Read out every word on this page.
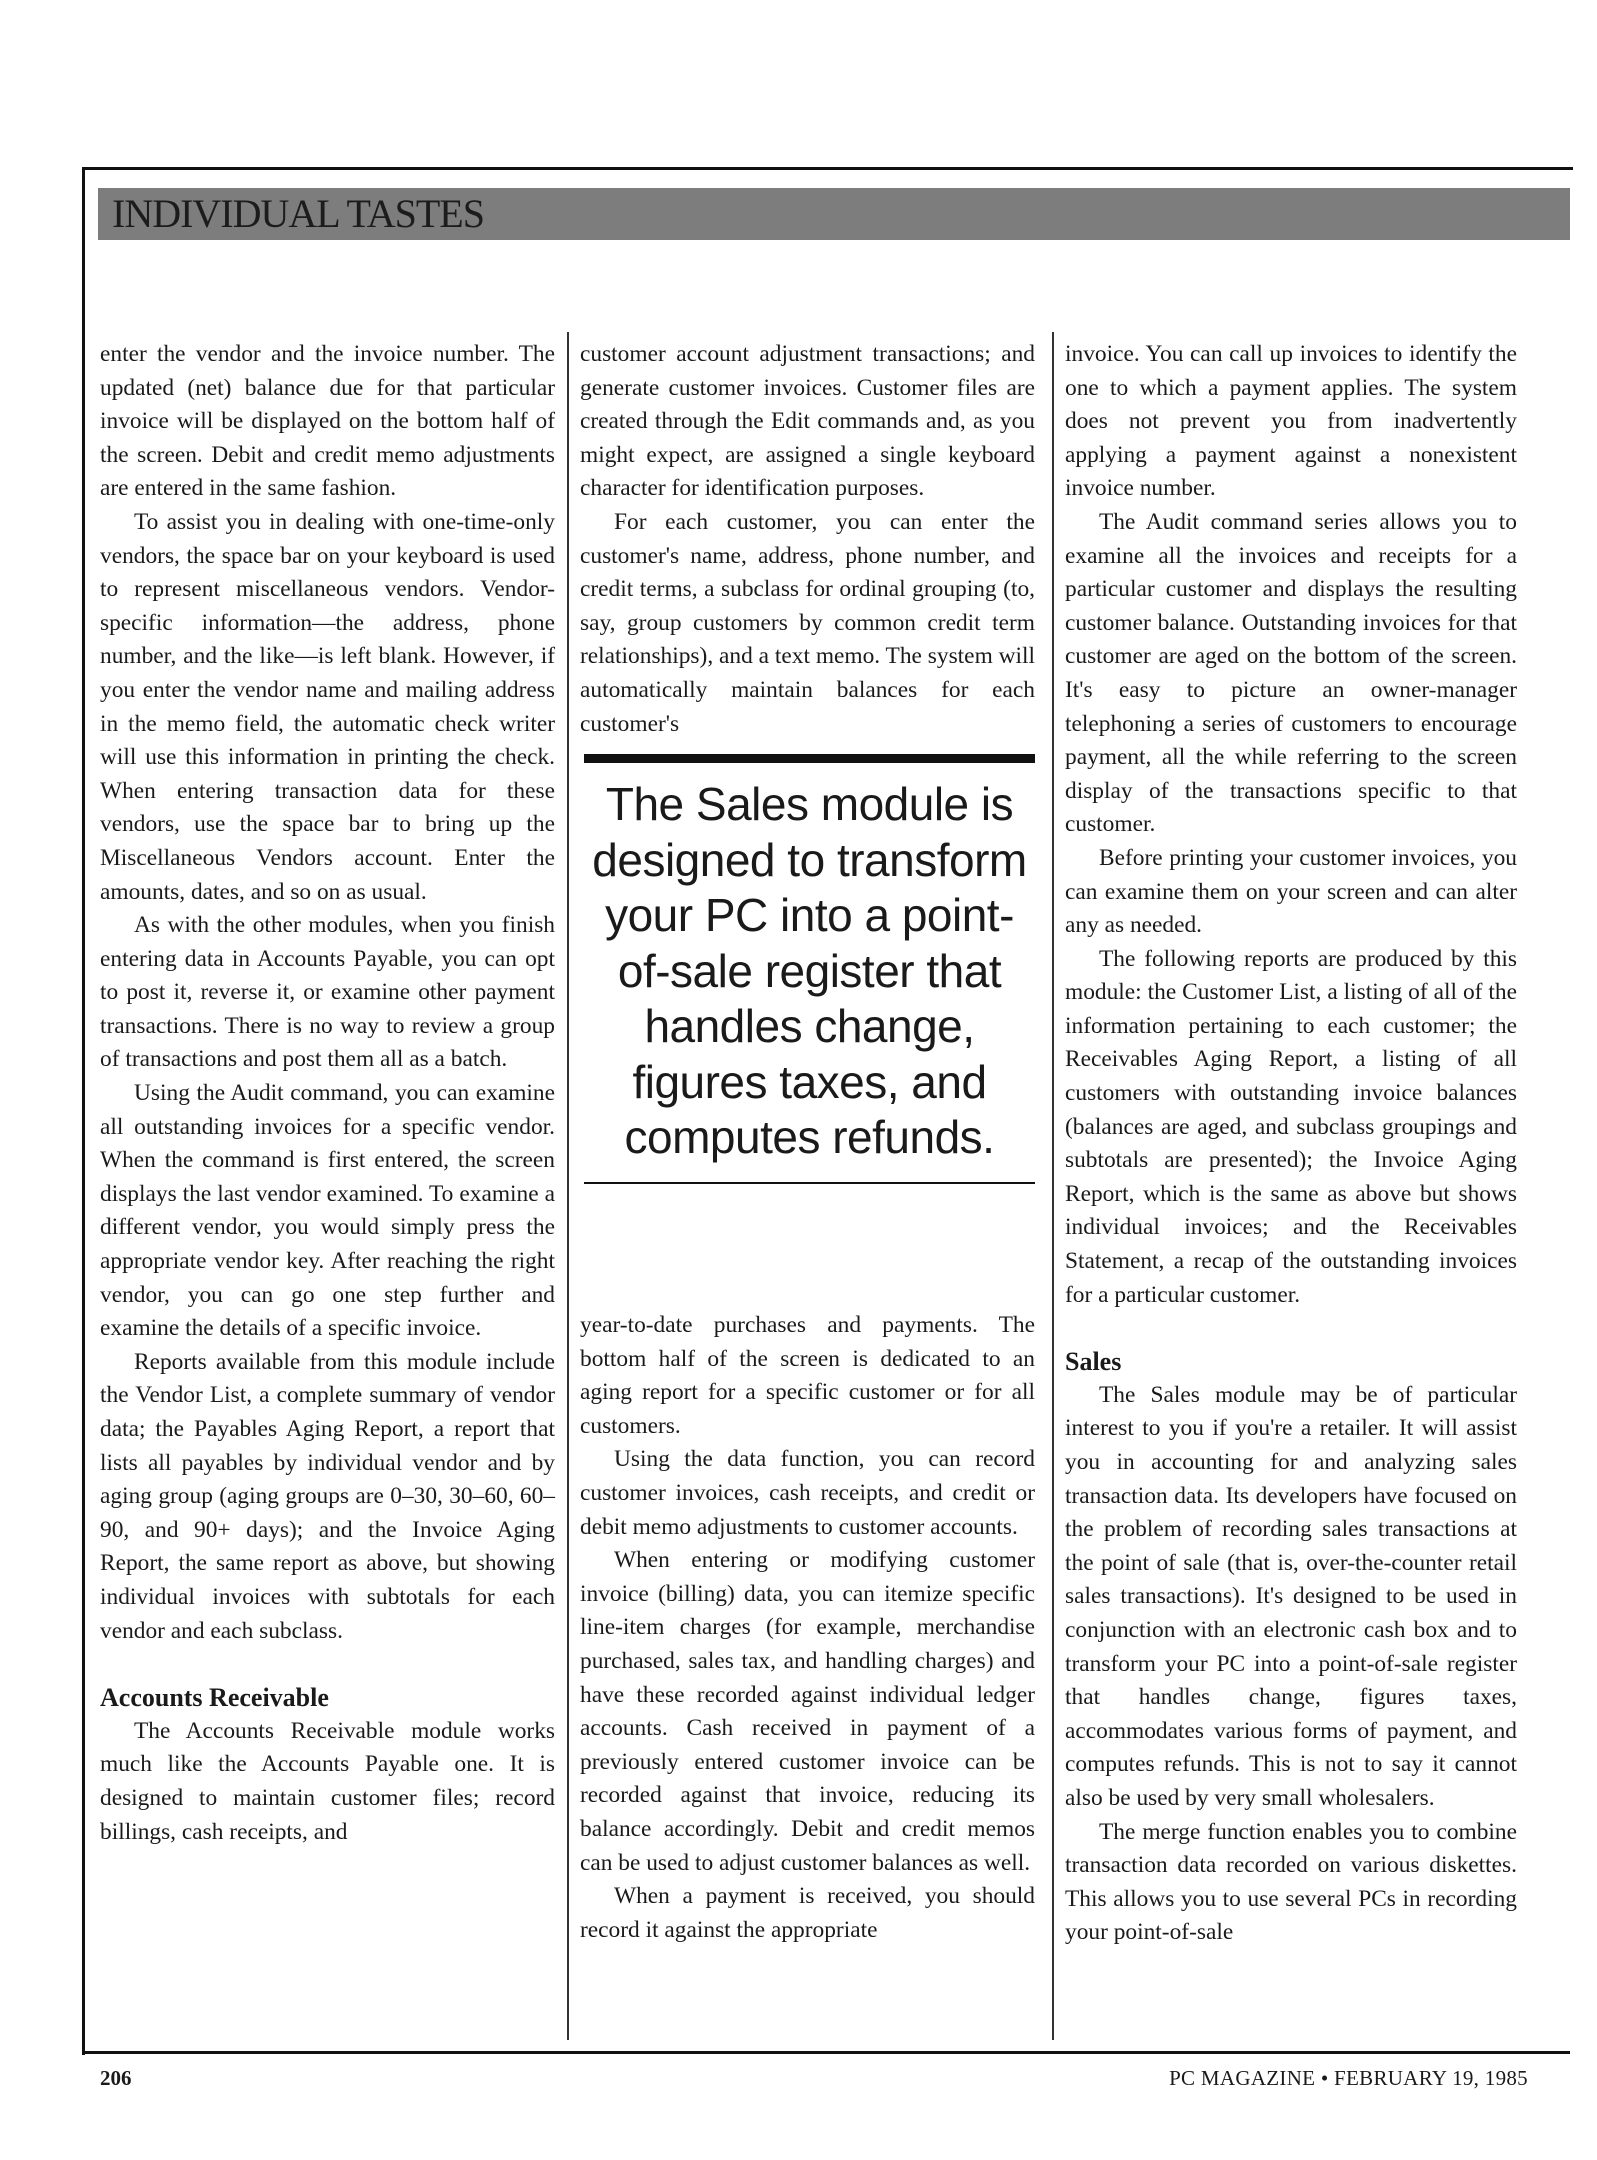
INDIVIDUAL TASTES

enter the vendor and the invoice number. The updated (net) balance due for that particular invoice will be displayed on the bottom half of the screen. Debit and credit memo adjustments are entered in the same fashion.

To assist you in dealing with one-time-only vendors, the space bar on your keyboard is used to represent miscellaneous vendors. Vendor-specific information—the address, phone number, and the like—is left blank. However, if you enter the vendor name and mailing address in the memo field, the automatic check writer will use this information in printing the check. When entering transaction data for these vendors, use the space bar to bring up the Miscellaneous Vendors account. Enter the amounts, dates, and so on as usual.

As with the other modules, when you finish entering data in Accounts Payable, you can opt to post it, reverse it, or examine other payment transactions. There is no way to review a group of transactions and post them all as a batch.

Using the Audit command, you can examine all outstanding invoices for a specific vendor. When the command is first entered, the screen displays the last vendor examined. To examine a different vendor, you would simply press the appropriate vendor key. After reaching the right vendor, you can go one step further and examine the details of a specific invoice.

Reports available from this module include the Vendor List, a complete summary of vendor data; the Payables Aging Report, a report that lists all payables by individual vendor and by aging group (aging groups are 0–30, 30–60, 60–90, and 90+ days); and the Invoice Aging Report, the same report as above, but showing individual invoices with subtotals for each vendor and each subclass.

Accounts Receivable

The Accounts Receivable module works much like the Accounts Payable one. It is designed to maintain customer files; record billings, cash receipts, and

customer account adjustment transactions; and generate customer invoices. Customer files are created through the Edit commands and, as you might expect, are assigned a single keyboard character for identification purposes.

For each customer, you can enter the customer's name, address, phone number, and credit terms, a subclass for ordinal grouping (to, say, group customers by common credit term relationships), and a text memo. The system will automatically maintain balances for each customer's

The Sales module is designed to transform your PC into a point-of-sale register that handles change, figures taxes, and computes refunds.

year-to-date purchases and payments. The bottom half of the screen is dedicated to an aging report for a specific customer or for all customers.

Using the data function, you can record customer invoices, cash receipts, and credit or debit memo adjustments to customer accounts.

When entering or modifying customer invoice (billing) data, you can itemize specific line-item charges (for example, merchandise purchased, sales tax, and handling charges) and have these recorded against individual ledger accounts. Cash received in payment of a previously entered customer invoice can be recorded against that invoice, reducing its balance accordingly. Debit and credit memos can be used to adjust customer balances as well.

When a payment is received, you should record it against the appropriate

invoice. You can call up invoices to identify the one to which a payment applies. The system does not prevent you from inadvertently applying a payment against a nonexistent invoice number.

The Audit command series allows you to examine all the invoices and receipts for a particular customer and displays the resulting customer balance. Outstanding invoices for that customer are aged on the bottom of the screen. It's easy to picture an owner-manager telephoning a series of customers to encourage payment, all the while referring to the screen display of the transactions specific to that customer.

Before printing your customer invoices, you can examine them on your screen and can alter any as needed.

The following reports are produced by this module: the Customer List, a listing of all of the information pertaining to each customer; the Receivables Aging Report, a listing of all customers with outstanding invoice balances (balances are aged, and subclass groupings and subtotals are presented); the Invoice Aging Report, which is the same as above but shows individual invoices; and the Receivables Statement, a recap of the outstanding invoices for a particular customer.

Sales

The Sales module may be of particular interest to you if you're a retailer. It will assist you in accounting for and analyzing sales transaction data. Its developers have focused on the problem of recording sales transactions at the point of sale (that is, over-the-counter retail sales transactions). It's designed to be used in conjunction with an electronic cash box and to transform your PC into a point-of-sale register that handles change, figures taxes, accommodates various forms of payment, and computes refunds. This is not to say it cannot also be used by very small wholesalers.

The merge function enables you to combine transaction data recorded on various diskettes. This allows you to use several PCs in recording your point-of-sale

206	PC MAGAZINE • FEBRUARY 19, 1985
